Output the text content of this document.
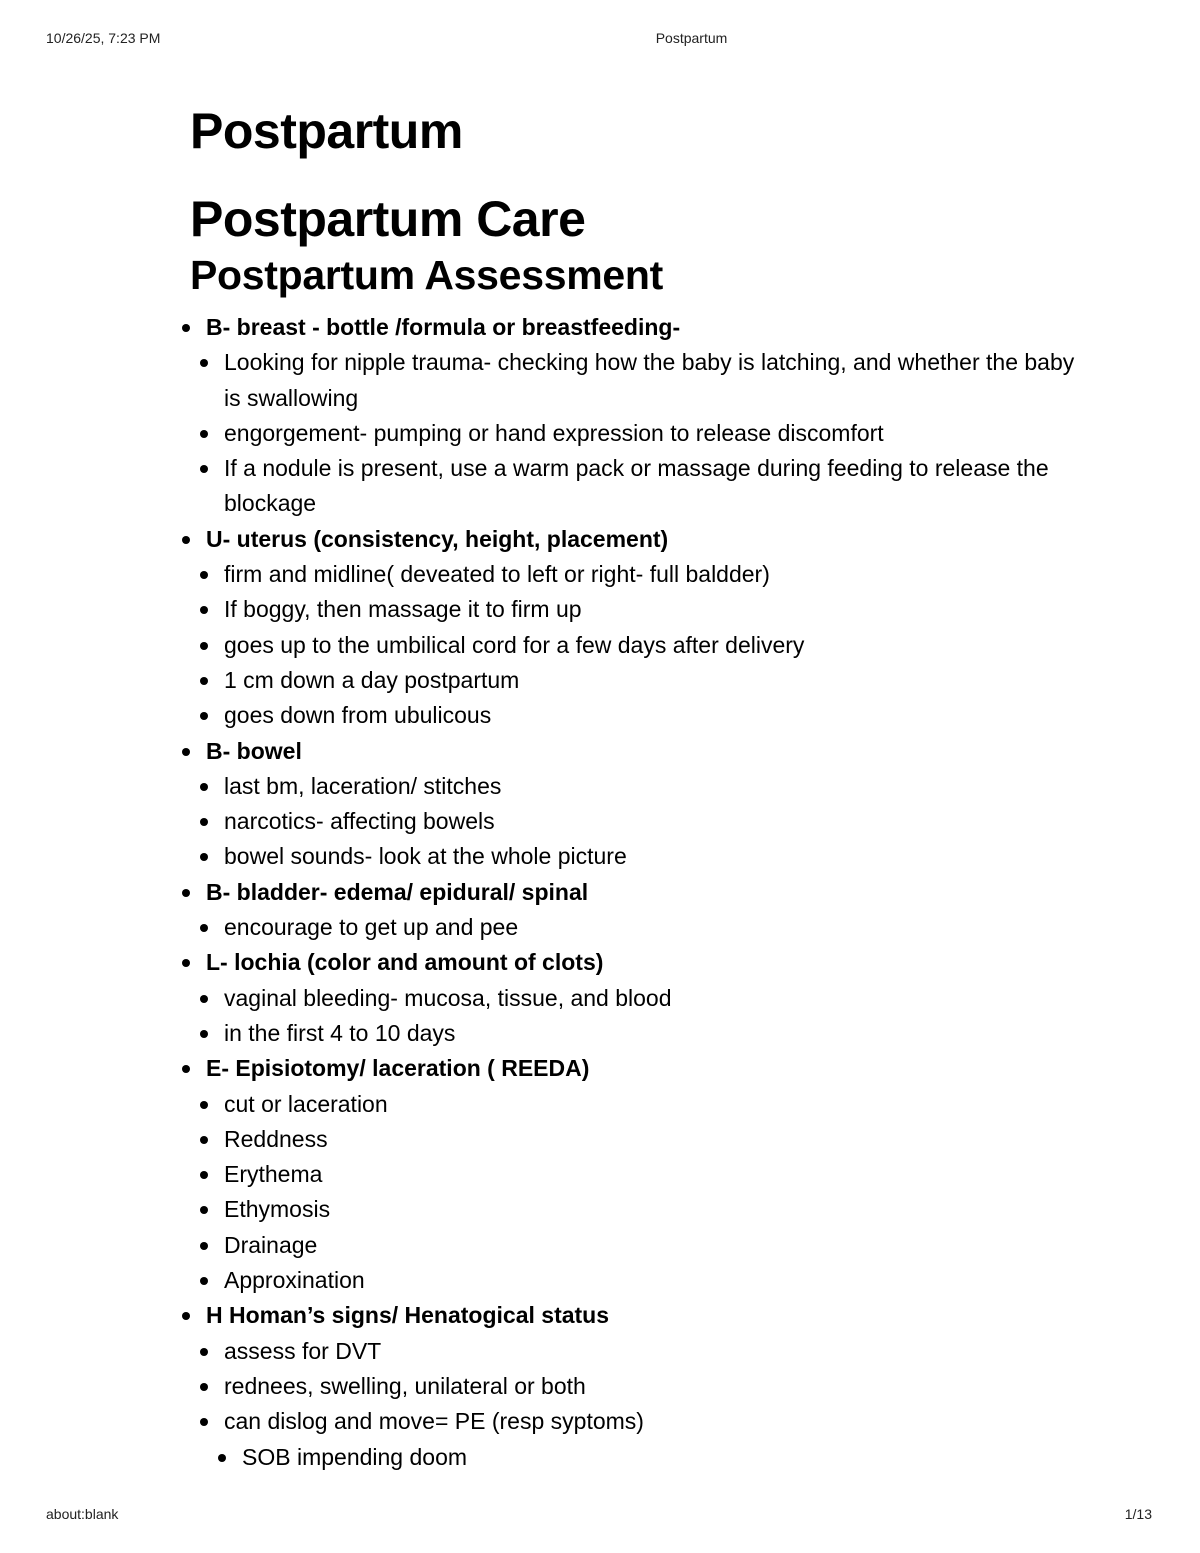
10/26/25, 7:23 PM	Postpartum
Postpartum
Postpartum Care
Postpartum Assessment
B- breast - bottle /formula or breastfeeding-
Looking for nipple trauma- checking how the baby is latching, and whether the baby is swallowing
engorgement- pumping or hand expression to release discomfort
If a nodule is present, use a warm pack or massage during feeding to release the blockage
U- uterus (consistency, height, placement)
firm and midline( deveated to left or right- full baldder)
If boggy, then massage it to firm up
goes up to the umbilical cord for a few days after delivery
1 cm down a day postpartum
goes down from ubulicous
B- bowel
last bm, laceration/ stitches
narcotics- affecting bowels
bowel sounds- look at the whole picture
B- bladder- edema/ epidural/ spinal
encourage to get up and pee
L- lochia (color and amount of clots)
vaginal bleeding- mucosa, tissue, and blood
in the first 4 to 10 days
E- Episiotomy/ laceration ( REEDA)
cut or laceration
Reddness
Erythema
Ethymosis
Drainage
Approxination
H Homan’s signs/ Henatogical status
assess for DVT
rednees, swelling, unilateral or both
can dislog and move= PE (resp syptoms)
SOB impending doom
about:blank	1/13
